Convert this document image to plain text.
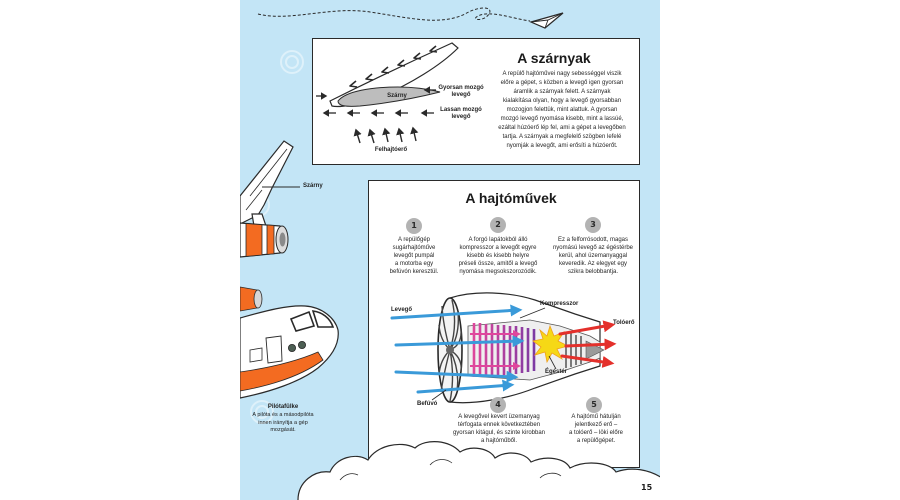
Szárny
Pilótafülke
A pilóta és a másodpilóta
innen irányítja a gép
mozgását.
Szárny
Gyorsan mozgó
levegő
Lassan mozgó
levegő
Felhajtóerő
A szárnyak
A repülő hajtóművei nagy sebességgel viszik
előre a gépet, s közben a levegő igen gyorsan
áramlik a szárnyak felett. A szárnyak
kialakítása olyan, hogy a levegő gyorsabban
mozogjon felettük, mint alattuk. A gyorsan
mozgó levegő nyomása kisebb, mint a lassúé,
ezáltal húzóerő lép fel, ami a gépet a levegőben
tartja. A szárnyak a megfelelő szögben lefelé
nyomják a levegőt, ami erősíti a húzóerőt.
A hajtóművek
1	2	3
4	5
A repülőgép
sugárhajtóműve
levegőt pumpál
a motorba egy
befúvón keresztül.
A forgó lapátokból álló
kompresszor a levegőt egyre
kisebb és kisebb helyre
préseli össze, amitől a levegő
nyomása megsokszorozódik.
Ez a felforrósodott, magas
nyomású levegő az égéstérbe
kerül, ahol üzemanyaggal
keveredik. Az elegyet egy
szikra belobbantja.
A levegővel kevert üzemanyag
térfogata ennek következtében
gyorsan kitágul, és szinte kirobban
a hajtóműből.
A hajtómű hátulján
jelentkező erő –
a tolóerő – löki előre
a repülőgépet.
Levegő
Kompresszor
Tolóerő
Égéstér
Befúvó
15
